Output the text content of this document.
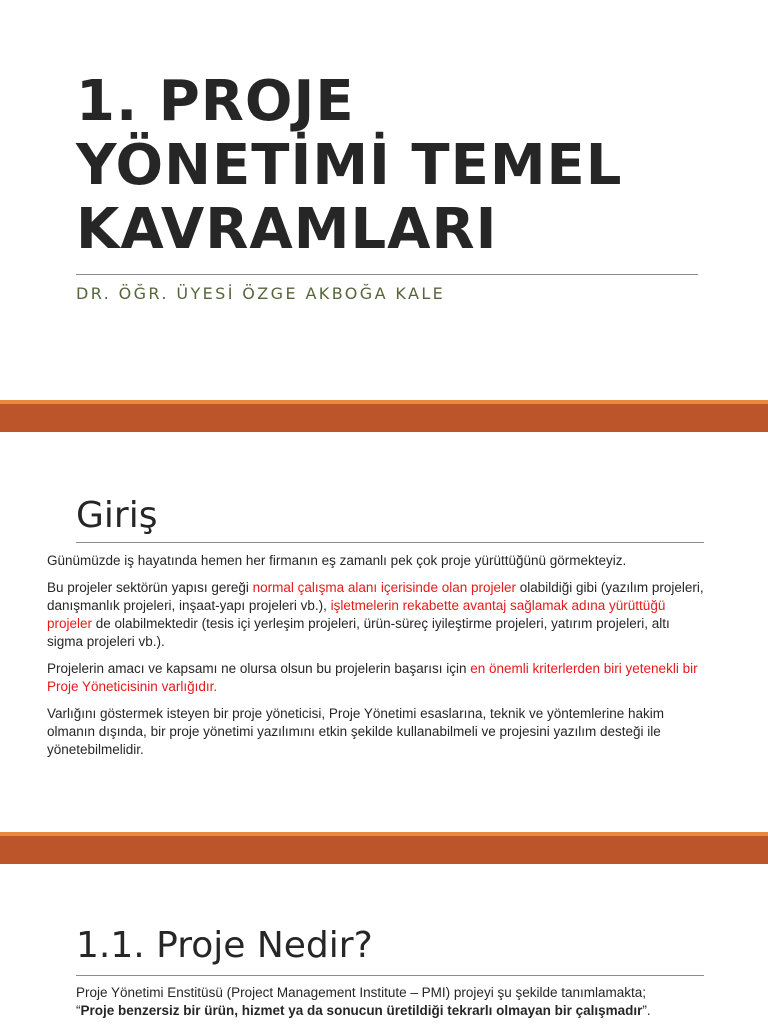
1. PROJE
YÖNETİMİ TEMEL
KAVRAMLARI
DR. ÖĞR. ÜYESİ ÖZGE AKBOĞA KALE
Giriş

Günümüzde iş hayatında hemen her firmanın eş zamanlı pek çok proje yürüttüğünü görmekteyiz.

Bu projeler sektörün yapısı gereği normal çalışma alanı içerisinde olan projeler olabildiği gibi (yazılım projeleri, danışmanlık projeleri, inşaat-yapı projeleri vb.), işletmelerin rekabette avantaj sağlamak adına yürüttüğü projeler de olabilmektedir (tesis içi yerleşim projeleri, ürün-süreç iyileştirme projeleri, yatırım projeleri, altı sigma projeleri vb.).

Projelerin amacı ve kapsamı ne olursa olsun bu projelerin başarısı için en önemli kriterlerden biri yetenekli bir Proje Yöneticisinin varlığıdır.

Varlığını göstermek isteyen bir proje yöneticisi, Proje Yönetimi esaslarına, teknik ve yöntemlerine hakim olmanın dışında, bir proje yönetimi yazılımını etkin şekilde kullanabilmeli ve projesini yazılım desteği ile yönetebilmelidir.

1.1. Proje Nedir?

Proje Yönetimi Enstitüsü (Project Management Institute – PMI) projeyi şu şekilde tanımlamakta;

“Proje benzersiz bir ürün, hizmet ya da sonucun üretildiği tekrarlı olmayan bir çalışmadır”.
